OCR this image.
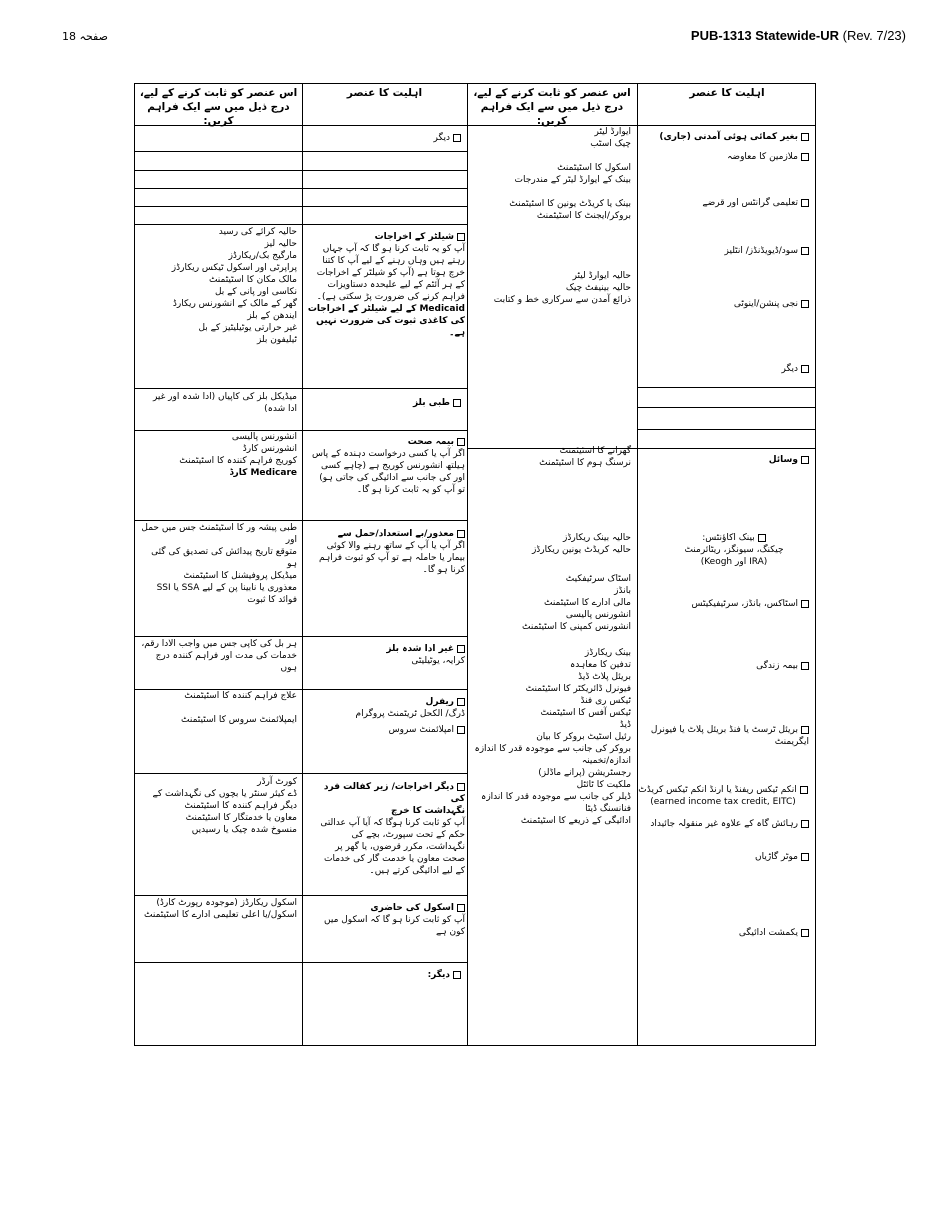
صفحہ 18	PUB-1313 Statewide-UR (Rev. 7/23)
اس عنصر کو ثابت کرنے کے لیے، درج ذیل میں سے ایک فراہم کریں:
اہلیت کا عنصر	اس عنصر کو ثابت کرنے کے لیے، درج ذیل میں سے ایک فراہم کریں:
اہلیت کا عنصر
بغیر کمائی ہوئی آمدنی (جاری)
ملازمین کا معاوضہ
تعلیمی گرانٹس اور قرضے
سود/ڈیویڈنڈز/ انٹلیز
نجی پنشن/اینوٹی
دیگر
وسائل
بینک اکاؤنٹس:
چیکنگ، سیونگز، ریٹائرمنٹ
(IRA اور Keogh)
اسٹاکس، بانڈز، سرٹیفیکیٹس
بیمہ زندگی
بریئل ٹرسٹ یا فنڈ بریئل پلاٹ یا فیونرل
ایگریمنٹ
انکم ٹیکس ریفنڈ یا ارنڈ انکم ٹیکس کریڈٹ
(earned income tax credit, EITC)
رہائش گاہ کے علاوہ غیر منقولہ جائیداد
موٹر گاڑیاں
یکمشت ادائیگی
ایوارڈ لیٹر
چیک اسٹب
اسکول کا اسٹیٹمنٹ
بینک کے ایوارڈ لیٹر کے مندرجات
بینک یا کریڈٹ یونین کا اسٹیٹمنٹ
بروکر/ایجنٹ کا اسٹیٹمنٹ
حالیہ ایوارڈ لیٹر
حالیہ بینیفٹ چیک
ذرائع آمدن سے سرکاری خط و کتابت
گھرانے کا اسٹیٹمنٹ
نرسنگ ہوم کا اسٹیٹمنٹ
حالیہ بینک ریکارڈز
حالیہ کریڈٹ یونین ریکارڈز
اسٹاک سرٹیفکیٹ
بانڈز
مالی ادارے کا اسٹیٹمنٹ
انشورنس پالیسی
انشورنس کمپنی کا اسٹیٹمنٹ
بینک ریکارڈز
تدفین کا معاہدہ
بریئل پلاٹ ڈیڈ
فیونرل ڈائریکٹر کا اسٹیٹمنٹ
ٹیکس ری فنڈ
ٹیکس آفس کا اسٹیٹمنٹ
ڈیڈ
رئیل اسٹیٹ بروکر کا بیان
بروکر کی جانب سے موجودہ قدر کا اندازہ
اندازہ/تخمینہ
رجسٹریشن (پرانے ماڈلز)
ملکیت کا ٹائٹل
ڈیلر کی جانب سے موجودہ قدر کا اندازہ
فنانسنگ ڈیٹا
ادائیگی کے ذریعے کا اسٹیٹمنٹ
دیگر
شیلٹر کے اخراجات
آپ کو یہ ثابت کرنا ہو گا کہ آپ جہاں
رہتے ہیں وہاں رہنے کے لیے آپ کا کتنا
خرچ ہوتا ہے (آپ کو شیلٹر کے اخراجات
کے ہر آئٹم کے لیے علیحدہ دستاویزات
فراہم کرنے کی ضرورت پڑ سکتی ہے)۔
Medicaid کے لیے شیلٹر کے اخراجات
کی کاغذی ثبوت کی ضرورت نہیں ہے۔
طبی بلز
بیمہ صحت
اگر آپ یا کسی درخواست دہندہ کے پاس
ہیلتھ انشورنس کوریج ہے (چاہے کسی
اور کی جانب سے ادائیگی کی جاتی ہو)
تو آپ کو یہ ثابت کرنا ہو گا۔
معذور/بے استعداد/حمل سے
اگر آپ یا آپ کے ساتھ رہنے والا کوئی
بیمار یا حاملہ ہے تو آپ کو ثبوت فراہم
کرنا ہو گا۔
غیر ادا شدہ بلز
کرایہ، یوٹیلیٹی
ریفرل
ڈرگ/ الکحل ٹریٹمنٹ پروگرام
امپلائمنٹ سروس
دیگر اخراجات/ زیر کفالت فرد کی
نگہداشت کا خرچ
آپ کو ثابت کرنا ہوگا کہ آیا آپ عدالتی
حکم کے تحت سپورٹ، بچے کی
نگہداشت، مکرر قرضوں، یا گھر پر
صحت معاون یا خدمت گار کی خدمات
کے لیے ادائیگی کرتے ہیں۔
اسکول کی حاضری
آپ کو ثابت کرنا ہو گا کہ اسکول میں
کون ہے
دیگر:
حالیہ کرائے کی رسید
حالیہ لیز
مارگیج بک/ریکارڈز
پراپرٹی اور اسکول ٹیکس ریکارڈز
مالک مکان کا اسٹیٹمنٹ
نکاسی اور پانی کے بل
گھر کے مالک کے انشورنس ریکارڈ
ایندھن کے بلز
غیر حرارتی یوٹیلیٹیز کے بل
ٹیلیفون بلز
میڈیکل بلز کی کاپیاں (ادا شدہ اور غیر
ادا شدہ)
انشورنس پالیسی
انشورنس کارڈ
کوریج فراہم کنندہ کا اسٹیٹمنٹ
Medicare کارڈ
طبی پیشہ ور کا اسٹیٹمنٹ جس میں حمل اور
متوقع تاریخ پیدائش کی تصدیق کی گئی ہو
میڈیکل پروفیشنل کا اسٹیٹمنٹ
معذوری یا نابینا پن کے لیے SSA یا SSI
فوائد کا ثبوت
ہر بل کی کاپی جس میں واجب الادا رقم،
خدمات کی مدت اور فراہم کنندہ درج ہوں
علاج فراہم کنندہ کا اسٹیٹمنٹ
ایمپلائمنٹ سروس کا اسٹیٹمنٹ
کورٹ آرڈر
ڈے کیئر سنٹر یا بچوں کی نگہداشت کے
دیگر فراہم کنندہ کا اسٹیٹمنٹ
معاون یا خدمتگار کا اسٹیٹمنٹ
منسوخ شدہ چیک یا رسیدیں
اسکول ریکارڈز (موجودہ رپورٹ کارڈ)
اسکول/یا اعلی تعلیمی ادارے کا اسٹیٹمنٹ
